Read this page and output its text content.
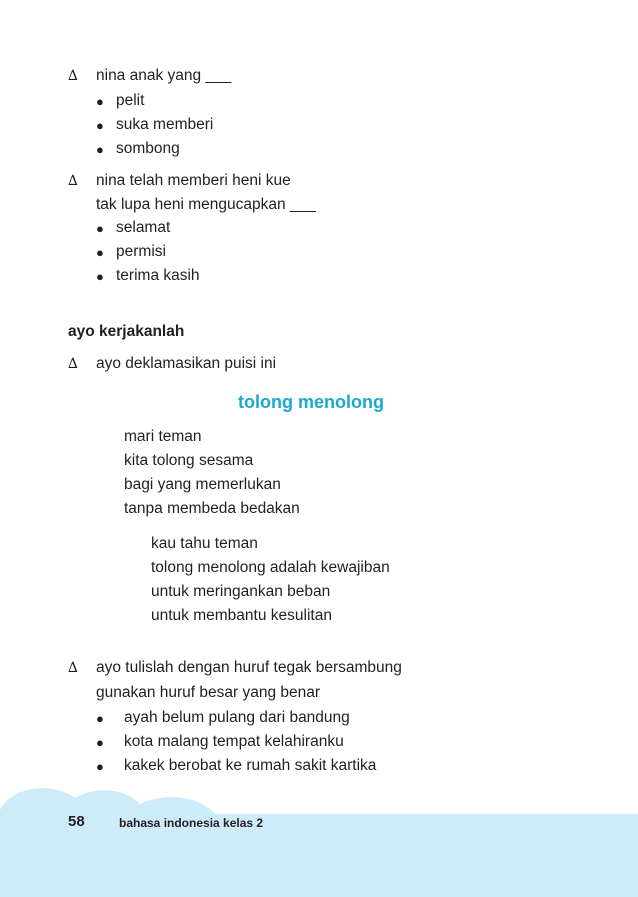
∆ nina anak yang ___
● pelit
● suka memberi
● sombong
∆ nina telah memberi heni kue
tak lupa heni mengucapkan ___
● selamat
● permisi
● terima kasih
ayo kerjakanlah
∆ ayo deklamasikan puisi ini
tolong menolong
mari teman
kita tolong sesama
bagi yang memerlukan
tanpa membeda bedakan
kau tahu teman
tolong menolong adalah kewajiban
untuk meringankan beban
untuk membantu kesulitan
∆ ayo tulislah dengan huruf tegak bersambung
gunakan huruf besar yang benar
● ayah belum pulang dari bandung
● kota malang tempat kelahiranku
● kakek berobat ke rumah sakit kartika
58	bahasa indonesia kelas 2
